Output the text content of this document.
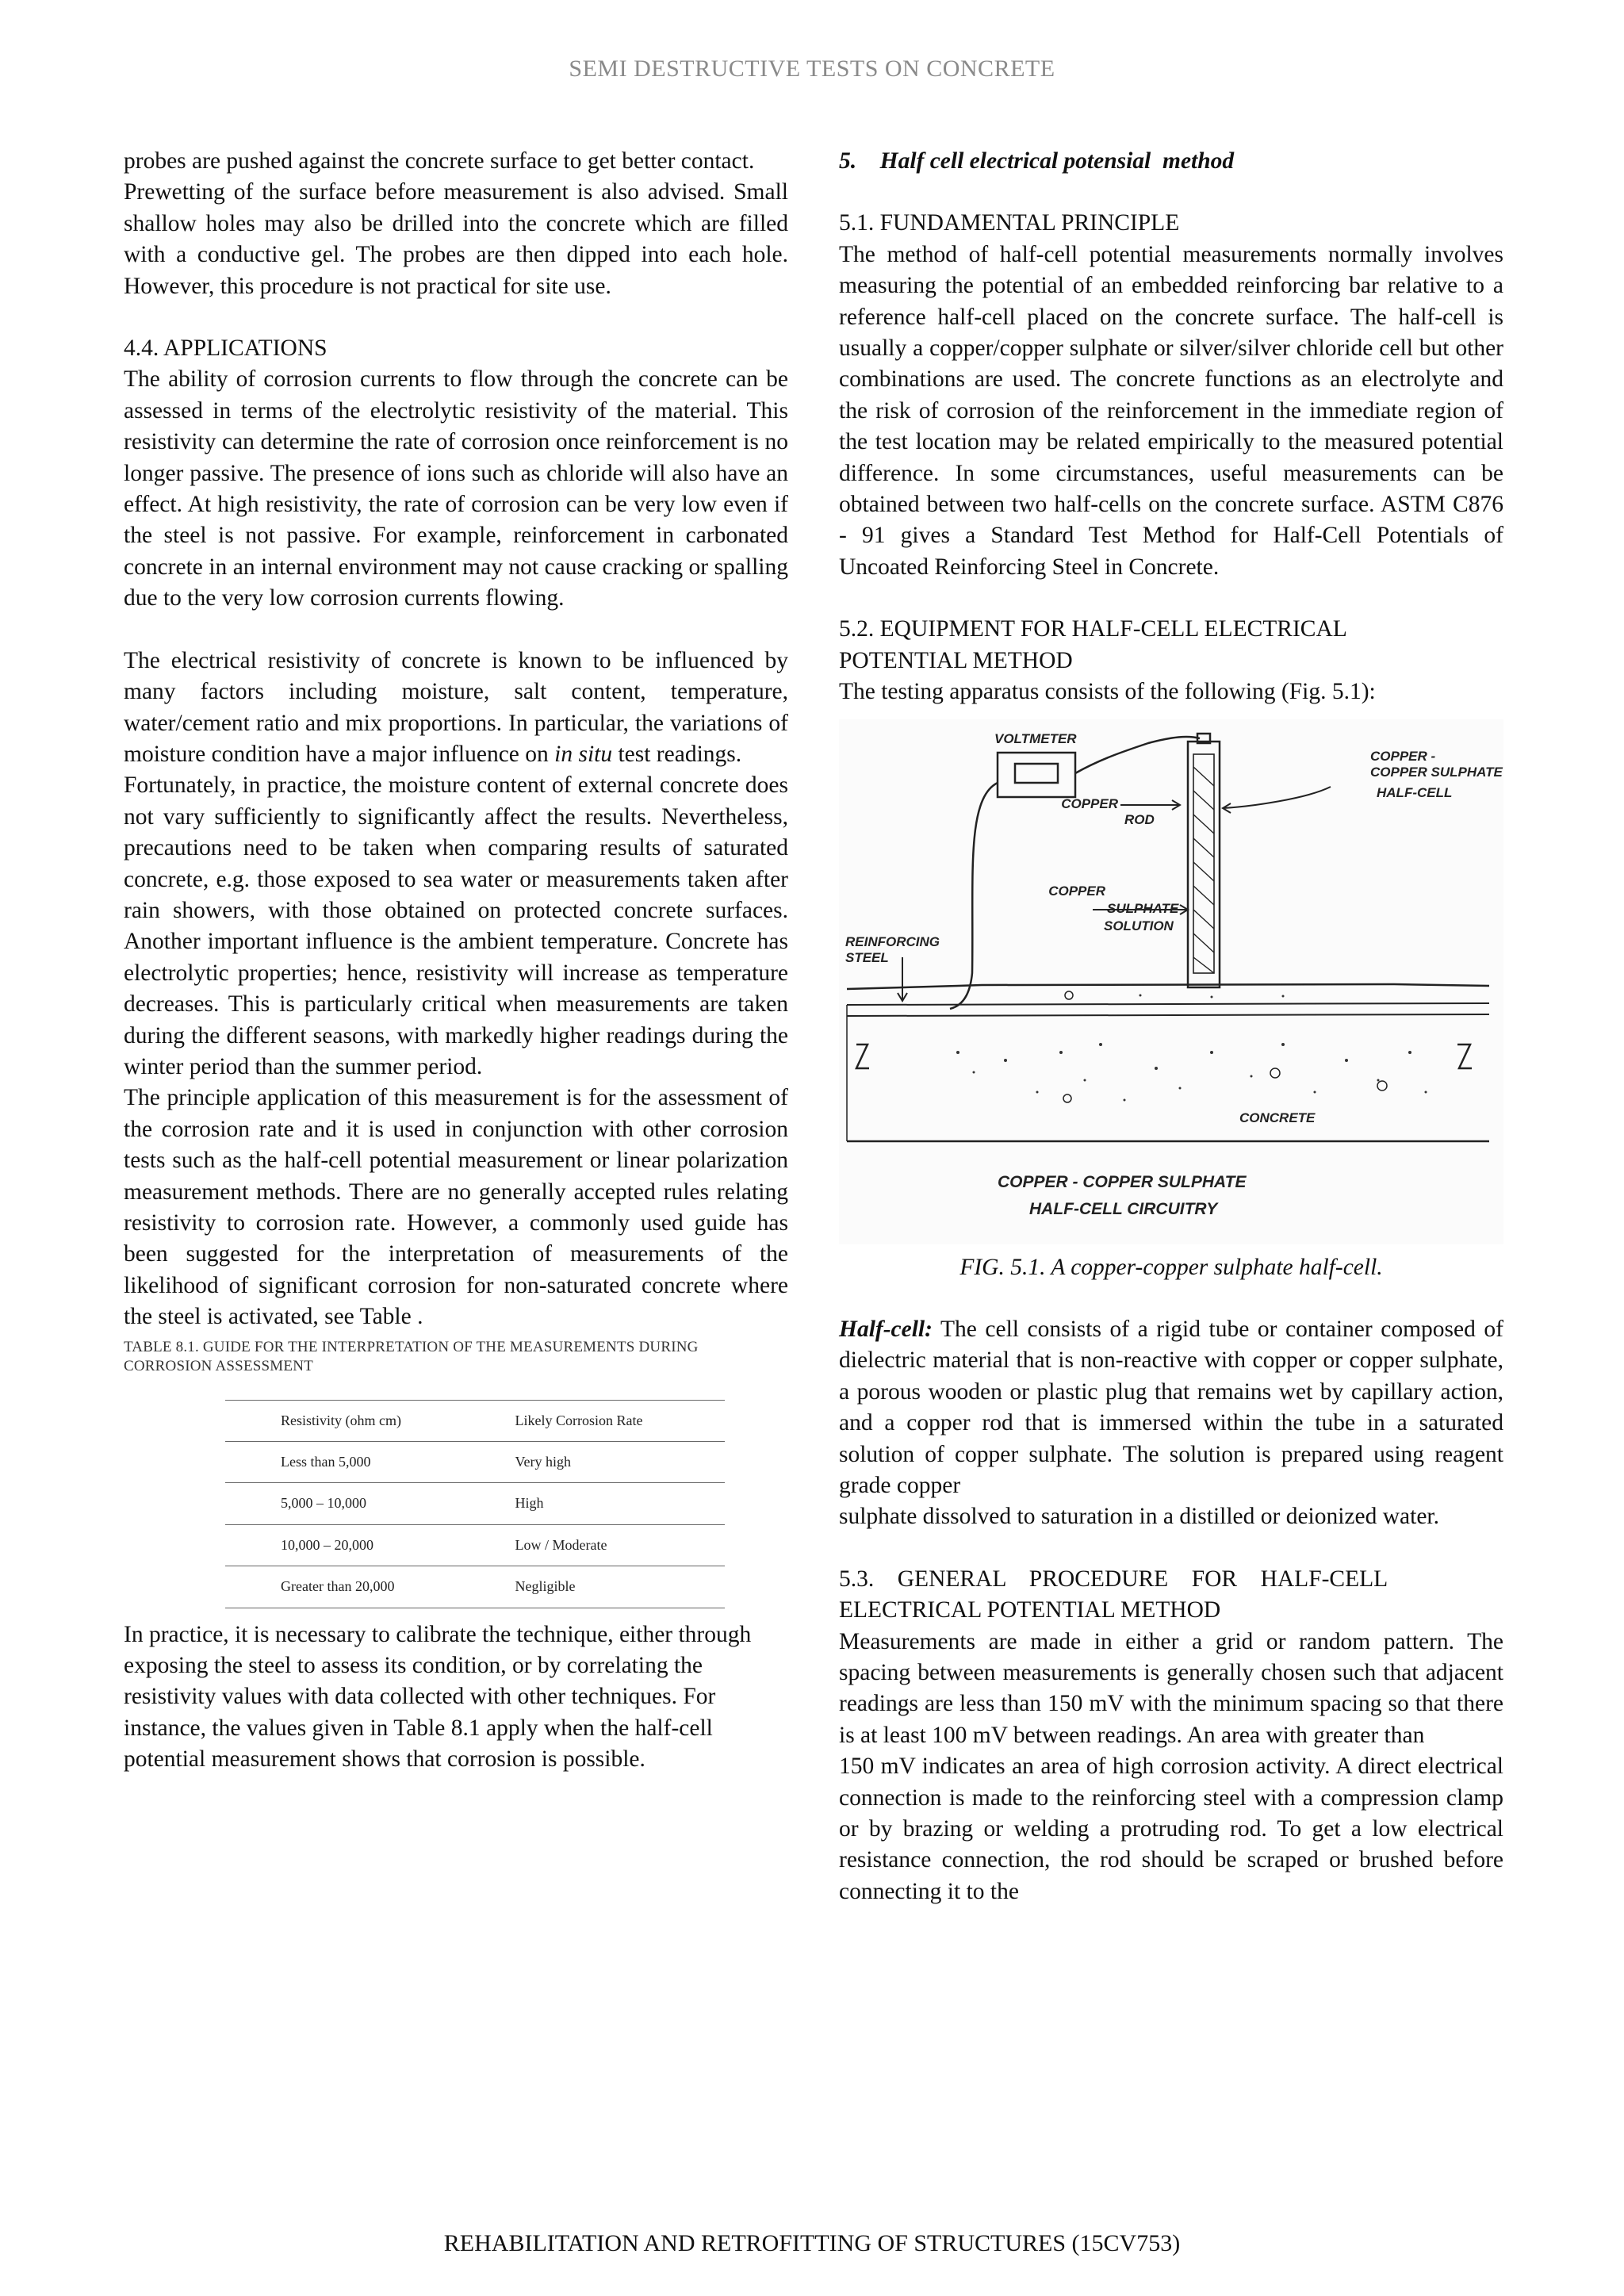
SEMI DESTRUCTIVE TESTS ON CONCRETE

probes are pushed against the concrete surface to get better contact.

Prewetting of the surface before measurement is also advised. Small shallow holes may also be drilled into the concrete which are filled with a conductive gel. The probes are then dipped into each hole. However, this procedure is not practical for site use.

4.4. APPLICATIONS

The ability of corrosion currents to flow through the concrete can be assessed in terms of the electrolytic resistivity of the material. This resistivity can determine the rate of corrosion once reinforcement is no longer passive. The presence of ions such as chloride will also have an effect. At high resistivity, the rate of corrosion can be very low even if the steel is not passive. For example, reinforcement in carbonated concrete in an internal environment may not cause cracking or spalling due to the very low corrosion currents flowing.

The electrical resistivity of concrete is known to be influenced by many factors including moisture, salt content, temperature, water/cement ratio and mix proportions. In particular, the variations of moisture condition have a major influence on in situ test readings.

Fortunately, in practice, the moisture content of external concrete does not vary sufficiently to significantly affect the results. Nevertheless, precautions need to be taken when comparing results of saturated concrete, e.g. those exposed to sea water or measurements taken after rain showers, with those obtained on protected concrete surfaces. Another important influence is the ambient temperature. Concrete has electrolytic properties; hence, resistivity will increase as temperature decreases. This is particularly critical when measurements are taken during the different seasons, with markedly higher readings during the winter period than the summer period.

The principle application of this measurement is for the assessment of the corrosion rate and it is used in conjunction with other corrosion tests such as the half-cell potential measurement or linear polarization measurement methods. There are no generally accepted rules relating resistivity to corrosion rate. However, a commonly used guide has been suggested for the interpretation of measurements of the likelihood of significant corrosion for non-saturated concrete where the steel is activated, see Table .

TABLE 8.1. GUIDE FOR THE INTERPRETATION OF THE MEASUREMENTS DURING CORROSION ASSESSMENT
Resistivity (ohm cm)	Likely Corrosion Rate
Less than 5,000	Very high
5,000 – 10,000	High
10,000 – 20,000	Low / Moderate
Greater than 20,000	Negligible

In practice, it is necessary to calibrate the technique, either through exposing the steel to assess its condition, or by correlating the resistivity values with data collected with other techniques. For instance, the values given in Table 8.1 apply when the half-cell potential measurement shows that corrosion is possible.

5.    Half cell electrical potensial  method
5.1. FUNDAMENTAL PRINCIPLE

The method of half-cell potential measurements normally involves measuring the potential of an embedded reinforcing bar relative to a reference half-cell placed on the concrete surface. The half-cell is usually a copper/copper sulphate or silver/silver chloride cell but other combinations are used. The concrete functions as an electrolyte and the risk of corrosion of the reinforcement in the immediate region of the test location may be related empirically to the measured potential difference. In some circumstances, useful measurements can be obtained between two half-cells on the concrete surface. ASTM C876 - 91 gives a Standard Test Method for Half-Cell Potentials of Uncoated Reinforcing Steel in Concrete.

5.2. EQUIPMENT FOR HALF-CELL ELECTRICAL
POTENTIAL METHOD

The testing apparatus consists of the following (Fig. 5.1):

VOLTMETER
COPPER -
COPPER SULPHATE
HALF-CELL
COPPER
ROD
REINFORCING
STEEL
COPPER
SULPHATE
SOLUTION
CONCRETE
COPPER - COPPER SULPHATE
HALF-CELL CIRCUITRY
FIG. 5.1. A copper-copper sulphate half-cell.

Half-cell: The cell consists of a rigid tube or container composed of dielectric material that is non-reactive with copper or copper sulphate, a porous wooden or plastic plug that remains wet by capillary action, and a copper rod that is immersed within the tube in a saturated solution of copper sulphate. The solution is prepared using reagent grade copper

sulphate dissolved to saturation in a distilled or deionized water.

5.3.    GENERAL    PROCEDURE    FOR    HALF-CELL
ELECTRICAL POTENTIAL METHOD

Measurements are made in either a grid or random pattern. The spacing between measurements is generally chosen such that adjacent readings are less than 150 mV with the minimum spacing so that there is at least 100 mV between readings. An area with greater than

150 mV indicates an area of high corrosion activity. A direct electrical connection is made to the reinforcing steel with a compression clamp or by brazing or welding a protruding rod. To get a low electrical resistance connection, the rod should be scraped or brushed before connecting it to the

REHABILITATION AND RETROFITTING OF STRUCTURES (15CV753)
